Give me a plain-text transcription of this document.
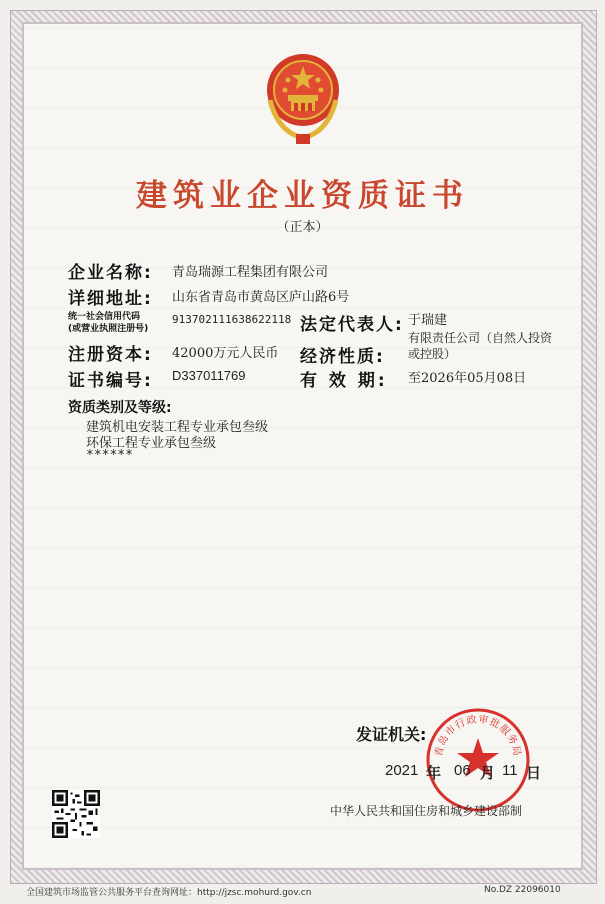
建筑业企业资质证书
（正本）
企业名称: 青岛瑞源工程集团有限公司
详细地址: 山东省青岛市黄岛区庐山路6号
统一社会信用代码
(或营业执照注册号)
913702111638622118 法定代表人: 于瑞建
注册资本: 42000万元人民币 经济性质:
有限责任公司（自然人投资
或控股）
证书编号: D337011769	有 效 期: 至2026年05月08日
资质类别及等级:
建筑机电安装工程专业承包叁级
环保工程专业承包叁级
******
发证机关:
青岛市行政审批服务局
2021 年 06 月 11 日
中华人民共和国住房和城乡建设部制
全国建筑市场监管公共服务平台查询网址：http://jzsc.mohurd.gov.cn	No.DZ 22096010
